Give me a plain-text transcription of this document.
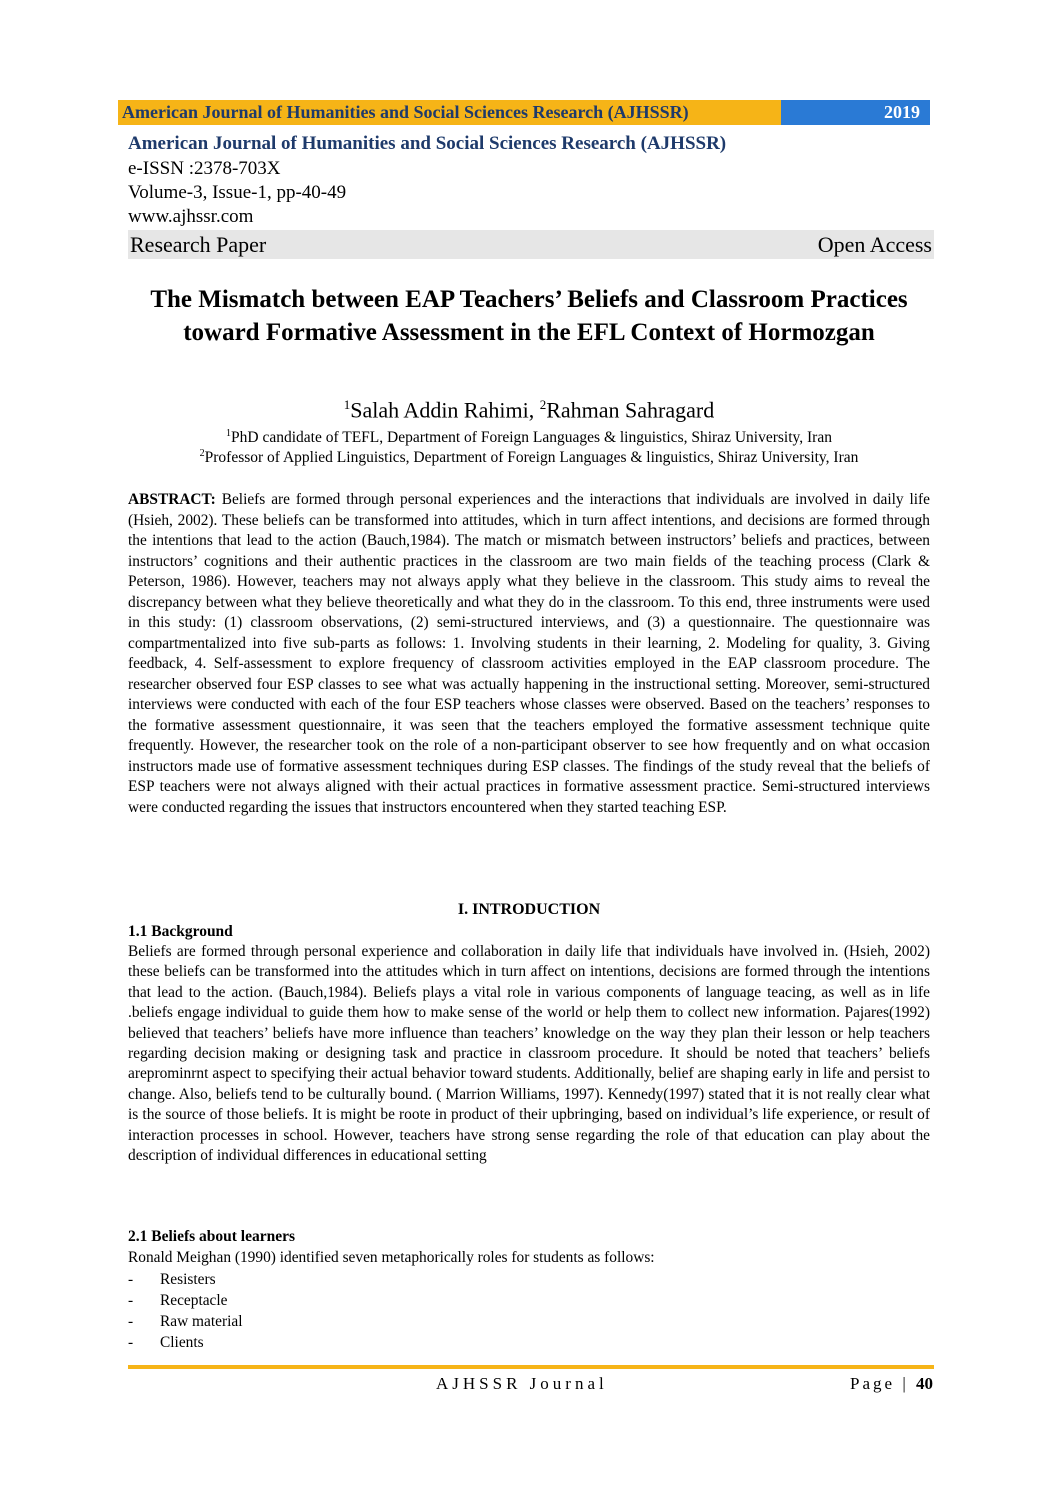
American Journal of Humanities and Social Sciences Research (AJHSSR)	2019
American Journal of Humanities and Social Sciences Research (AJHSSR)
e-ISSN :2378-703X
Volume-3, Issue-1, pp-40-49
www.ajhssr.com
Research Paper	Open Access
The Mismatch between EAP Teachers’ Beliefs and Classroom Practices toward Formative Assessment in the EFL Context of Hormozgan
$^1$Salah Addin Rahimi, $^2$Rahman Sahragard
$^1$PhD candidate of TEFL, Department of Foreign Languages & linguistics, Shiraz University, Iran
$^2$Professor of Applied Linguistics, Department of Foreign Languages & linguistics, Shiraz University, Iran
ABSTRACT: Beliefs are formed through personal experiences and the interactions that individuals are involved in daily life (Hsieh, 2002). These beliefs can be transformed into attitudes, which in turn affect intentions, and decisions are formed through the intentions that lead to the action (Bauch,1984). The match or mismatch between instructors’ beliefs and practices, between instructors’ cognitions and their authentic practices in the classroom are two main fields of the teaching process (Clark & Peterson, 1986). However, teachers may not always apply what they believe in the classroom. This study aims to reveal the discrepancy between what they believe theoretically and what they do in the classroom. To this end, three instruments were used in this study: (1) classroom observations, (2) semi-structured interviews, and (3) a questionnaire. The questionnaire was compartmentalized into five sub-parts as follows: 1. Involving students in their learning, 2. Modeling for quality, 3. Giving feedback, 4. Self-assessment to explore frequency of classroom activities employed in the EAP classroom procedure. The researcher observed four ESP classes to see what was actually happening in the instructional setting. Moreover, semi-structured interviews were conducted with each of the four ESP teachers whose classes were observed. Based on the teachers’ responses to the formative assessment questionnaire, it was seen that the teachers employed the formative assessment technique quite frequently. However, the researcher took on the role of a non-participant observer to see how frequently and on what occasion instructors made use of formative assessment techniques during ESP classes. The findings of the study reveal that the beliefs of ESP teachers were not always aligned with their actual practices in formative assessment practice. Semi-structured interviews were conducted regarding the issues that instructors encountered when they started teaching ESP.
I. INTRODUCTION
1.1 Background
Beliefs are formed through personal experience and collaboration in daily life that individuals have involved in. (Hsieh, 2002) these beliefs can be transformed into the attitudes which in turn affect on intentions, decisions are formed through the intentions that lead to the action. (Bauch,1984). Beliefs plays a vital role in various components of language teacing, as well as in life .beliefs engage individual to guide them how to make sense of the world or help them to collect new information. Pajares(1992) believed that teachers’ beliefs have more influence than teachers’ knowledge on the way they plan their lesson or help teachers regarding decision making or designing task and practice in classroom procedure. It should be noted that teachers’ beliefs areprominrnt aspect to specifying their actual behavior toward students. Additionally, belief are shaping early in life and persist to change. Also, beliefs tend to be culturally bound. ( Marrion Williams, 1997). Kennedy(1997) stated that it is not really clear what is the source of those beliefs. It is might be roote in product of their upbringing, based on individual’s life experience, or result of interaction processes in school. However, teachers have strong sense regarding the role of that education can play about the description of individual differences in educational setting
2.1 Beliefs about learners
Ronald Meighan (1990) identified seven metaphorically roles for students as follows:
-	Resisters
-	Receptacle
-	Raw material
-	Clients
AJHSSR Journal	Page | 40
